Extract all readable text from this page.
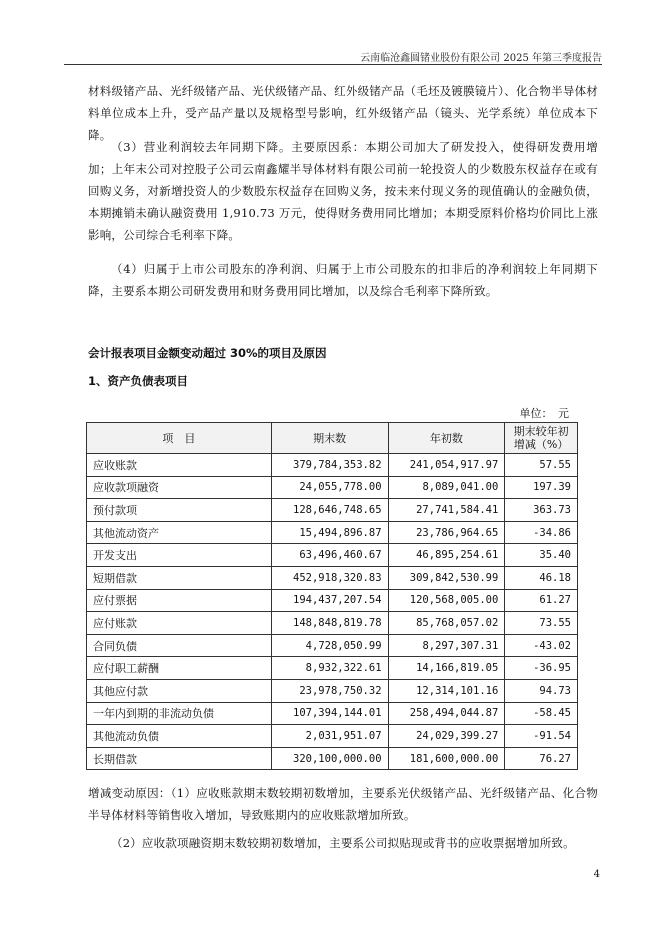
云南临沧鑫圆锗业股份有限公司 2025 年第三季度报告

材料级锗产品、光纤级锗产品、光伏级锗产品、红外级锗产品（毛坯及镀膜镜片）、化合物半导体材料单位成本上升，受产品产量以及规格型号影响，红外级锗产品（镜头、光学系统）单位成本下降。

（3）营业利润较去年同期下降。主要原因系：本期公司加大了研发投入，使得研发费用增加；上年末公司对控股子公司云南鑫耀半导体材料有限公司前一轮投资人的少数股东权益存在或有回购义务，对新增投资人的少数股东权益存在回购义务，按未来付现义务的现值确认的金融负债，本期摊销未确认融资费用 1,910.73 万元，使得财务费用同比增加；本期受原料价格均价同比上涨影响，公司综合毛利率下降。

（4）归属于上市公司股东的净利润、归属于上市公司股东的扣非后的净利润较上年同期下降，主要系本期公司研发费用和财务费用同比增加，以及综合毛利率下降所致。

会计报表项目金额变动超过 30%的项目及原因
1、资产负债表项目
单位：　元
项　目	期末数	年初数	期末较年初增减（%）
应收账款	379,784,353.82	241,054,917.97	57.55
应收款项融资	24,055,778.00	8,089,041.00	197.39
预付款项	128,646,748.65	27,741,584.41	363.73
其他流动资产	15,494,896.87	23,786,964.65	-34.86
开发支出	63,496,460.67	46,895,254.61	35.40
短期借款	452,918,320.83	309,842,530.99	46.18
应付票据	194,437,207.54	120,568,005.00	61.27
应付账款	148,848,819.78	85,768,057.02	73.55
合同负债	4,728,050.99	8,297,307.31	-43.02
应付职工薪酬	8,932,322.61	14,166,819.05	-36.95
其他应付款	23,978,750.32	12,314,101.16	94.73
一年内到期的非流动负债	107,394,144.01	258,494,044.87	-58.45
其他流动负债	2,031,951.07	24,029,399.27	-91.54
长期借款	320,100,000.00	181,600,000.00	76.27

增减变动原因：（1）应收账款期末数较期初数增加，主要系光伏级锗产品、光纤级锗产品、化合物半导体材料等销售收入增加，导致账期内的应收账款增加所致。

（2）应收款项融资期末数较期初数增加，主要系公司拟贴现或背书的应收票据增加所致。

4
